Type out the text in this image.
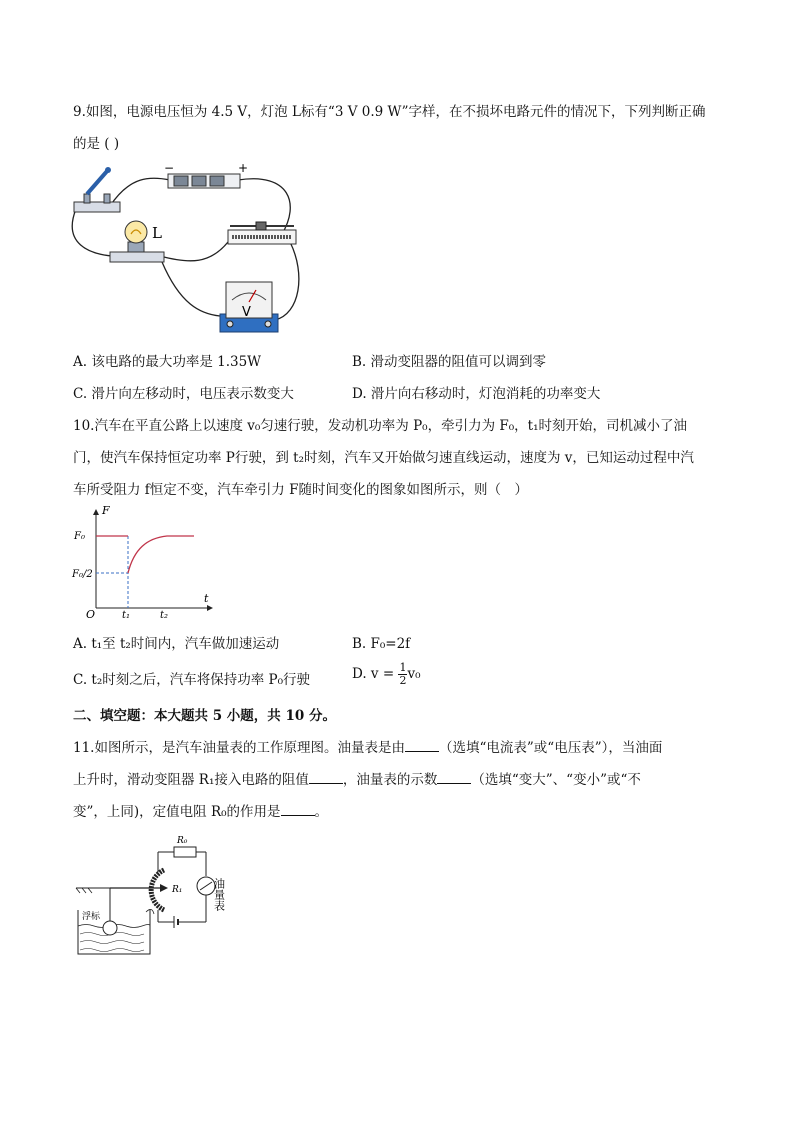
9.如图，电源电压恒为 4.5 V，灯泡 L标有“3 V 0.9 W”字样，在不损坏电路元件的情况下，下列判断正确
的是 ( )
−	+
L
V
A. 该电路的最大功率是 1.35W	B. 滑动变阻器的阻值可以调到零
C. 滑片向左移动时，电压表示数变大	D. 滑片向右移动时，灯泡消耗的功率变大
10.汽车在平直公路上以速度 v₀匀速行驶，发动机功率为 P₀，牵引力为 F₀，t₁时刻开始，司机减小了油
门，使汽车保持恒定功率 P行驶，到 t₂时刻，汽车又开始做匀速直线运动，速度为 v，已知运动过程中汽
车所受阻力 f恒定不变，汽车牵引力 F随时间变化的图象如图所示，则（　）
F
t
O	t₁	t₂
F₀
F₀/2
A. t₁至 t₂时间内，汽车做加速运动	B. F₀=2f
C. t₂时刻之后，汽车将保持功率 P₀行驶	D. $v = \frac{1}{2} v_0$
二、填空题：本大题共 5 小题，共 10 分。
11.如图所示，是汽车油量表的工作原理图。油量表是由	（选填“电流表”或“电压表”），当油面
上升时，滑动变阻器 R₁接入电路的阻值	，油量表的示数	（选填“变大”、“变小”或“不
变”，上同)，定值电阻 R₀的作用是	。
R₀
油量表
R₁
浮标
